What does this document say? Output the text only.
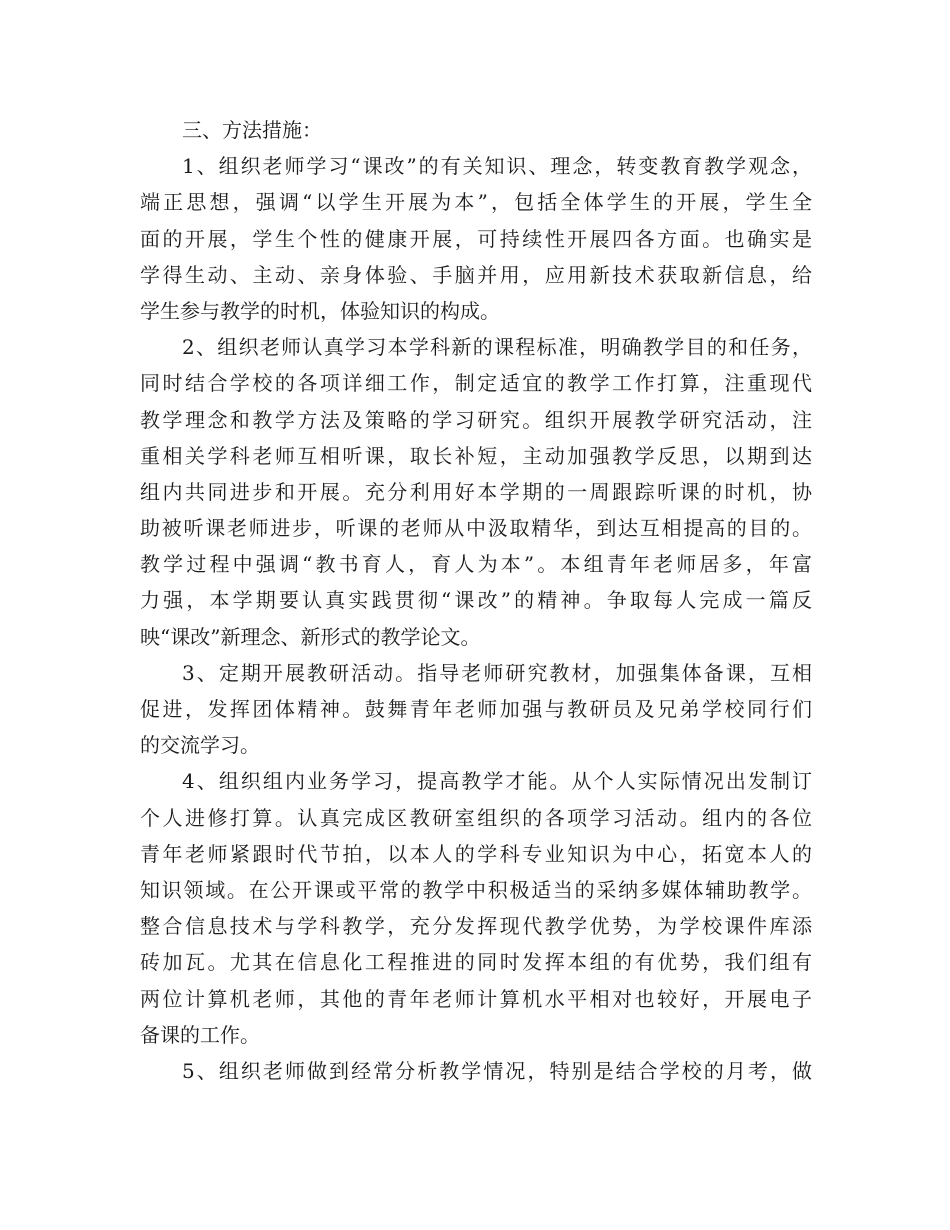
三、方法措施：
1、组织老师学习“课改”的有关知识、理念，转变教育教学观念，
端正思想，强调“以学生开展为本”，包括全体学生的开展，学生全
面的开展，学生个性的健康开展，可持续性开展四各方面。也确实是
学得生动、主动、亲身体验、手脑并用，应用新技术获取新信息，给
学生参与教学的时机，体验知识的构成。
2、组织老师认真学习本学科新的课程标准，明确教学目的和任务，
同时结合学校的各项详细工作，制定适宜的教学工作打算，注重现代
教学理念和教学方法及策略的学习研究。组织开展教学研究活动，注
重相关学科老师互相听课，取长补短，主动加强教学反思，以期到达
组内共同进步和开展。充分利用好本学期的一周跟踪听课的时机，协
助被听课老师进步，听课的老师从中汲取精华，到达互相提高的目的。
教学过程中强调“教书育人，育人为本”。本组青年老师居多，年富
力强，本学期要认真实践贯彻“课改”的精神。争取每人完成一篇反
映“课改”新理念、新形式的教学论文。
3、定期开展教研活动。指导老师研究教材，加强集体备课，互相
促进，发挥团体精神。鼓舞青年老师加强与教研员及兄弟学校同行们
的交流学习。
4、组织组内业务学习，提高教学才能。从个人实际情况出发制订
个人进修打算。认真完成区教研室组织的各项学习活动。组内的各位
青年老师紧跟时代节拍，以本人的学科专业知识为中心，拓宽本人的
知识领域。在公开课或平常的教学中积极适当的采纳多媒体辅助教学。
整合信息技术与学科教学，充分发挥现代教学优势，为学校课件库添
砖加瓦。尤其在信息化工程推进的同时发挥本组的有优势，我们组有
两位计算机老师，其他的青年老师计算机水平相对也较好，开展电子
备课的工作。
5、组织老师做到经常分析教学情况，特别是结合学校的月考，做
